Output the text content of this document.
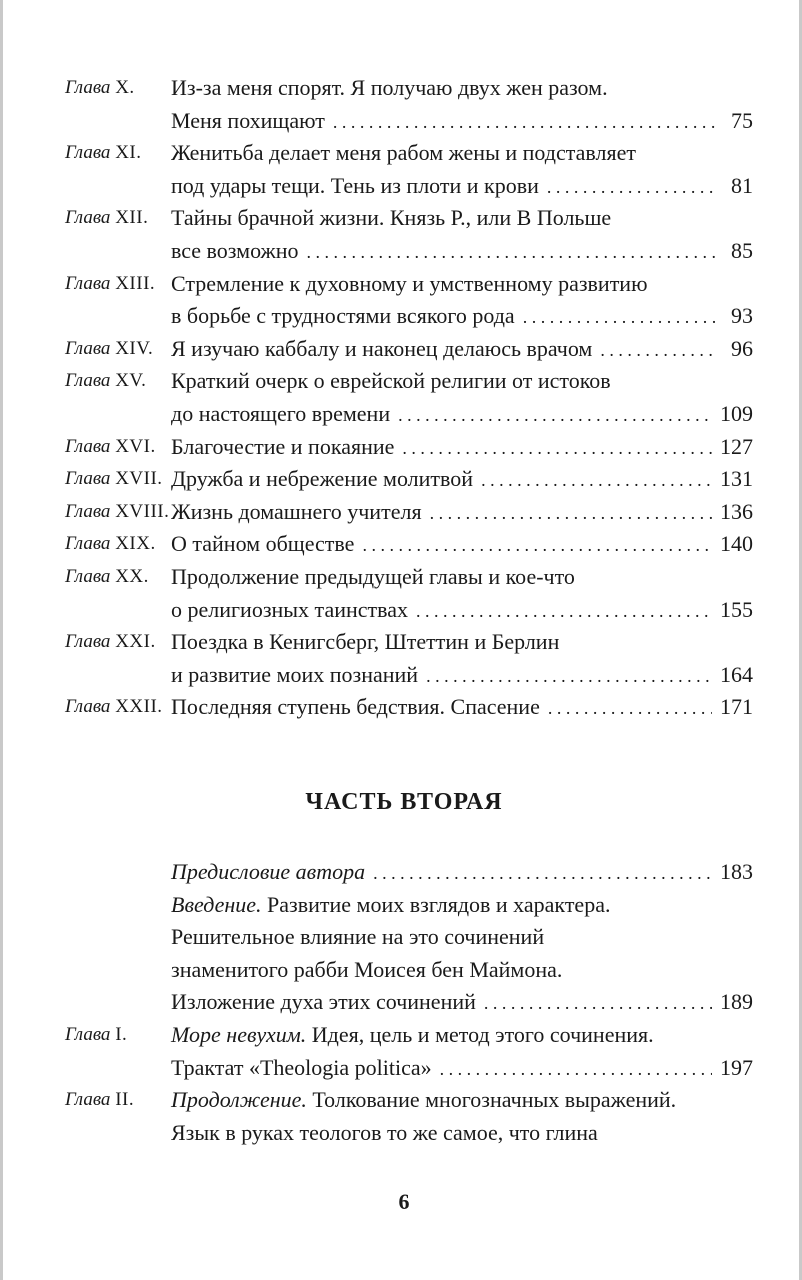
Глава X. Из-за меня спорят. Я получаю двух жен разом.
Меня похищают . . .	75
Глава XI. Женитьба делает меня рабом жены и подставляет
под удары тещи. Тень из плоти и крови . . .	81
Глава XII. Тайны брачной жизни. Князь Р., или В Польше
все возможно . . .	85
Глава XIII. Стремление к духовному и умственному развитию
в борьбе с трудностями всякого рода . . .	93
Глава XIV. Я изучаю каббалу и наконец делаюсь врачом . . .	96
Глава XV. Краткий очерк о еврейской религии от истоков
до настоящего времени . . .	109
Глава XVI. Благочестие и покаяние . . .	127
Глава XVII. Дружба и небрежение молитвой . . .	131
Глава XVIII. Жизнь домашнего учителя . . .	136
Глава XIX. О тайном обществе . . .	140
Глава XX. Продолжение предыдущей главы и кое-что
о религиозных таинствах . . .	155
Глава XXI. Поездка в Кенигсберг, Штеттин и Берлин
и развитие моих познаний . . .	164
Глава XXII. Последняя ступень бедствия. Спасение . . .	171
Предисловие автора . . .	183
Введение. Развитие моих взглядов и характера.
Решительное влияние на это сочинений
знаменитого рабби Моисея бен Маймона.
Изложение духа этих сочинений . . .	189
Глава I. Море невухим. Идея, цель и метод этого сочинения.
Трактат «Theologia politica» . . .	197
Глава II. Продолжение. Толкование многозначных выражений.
Язык в руках теологов то же самое, что глина
ЧАСТЬ ВТОРАЯ
6
